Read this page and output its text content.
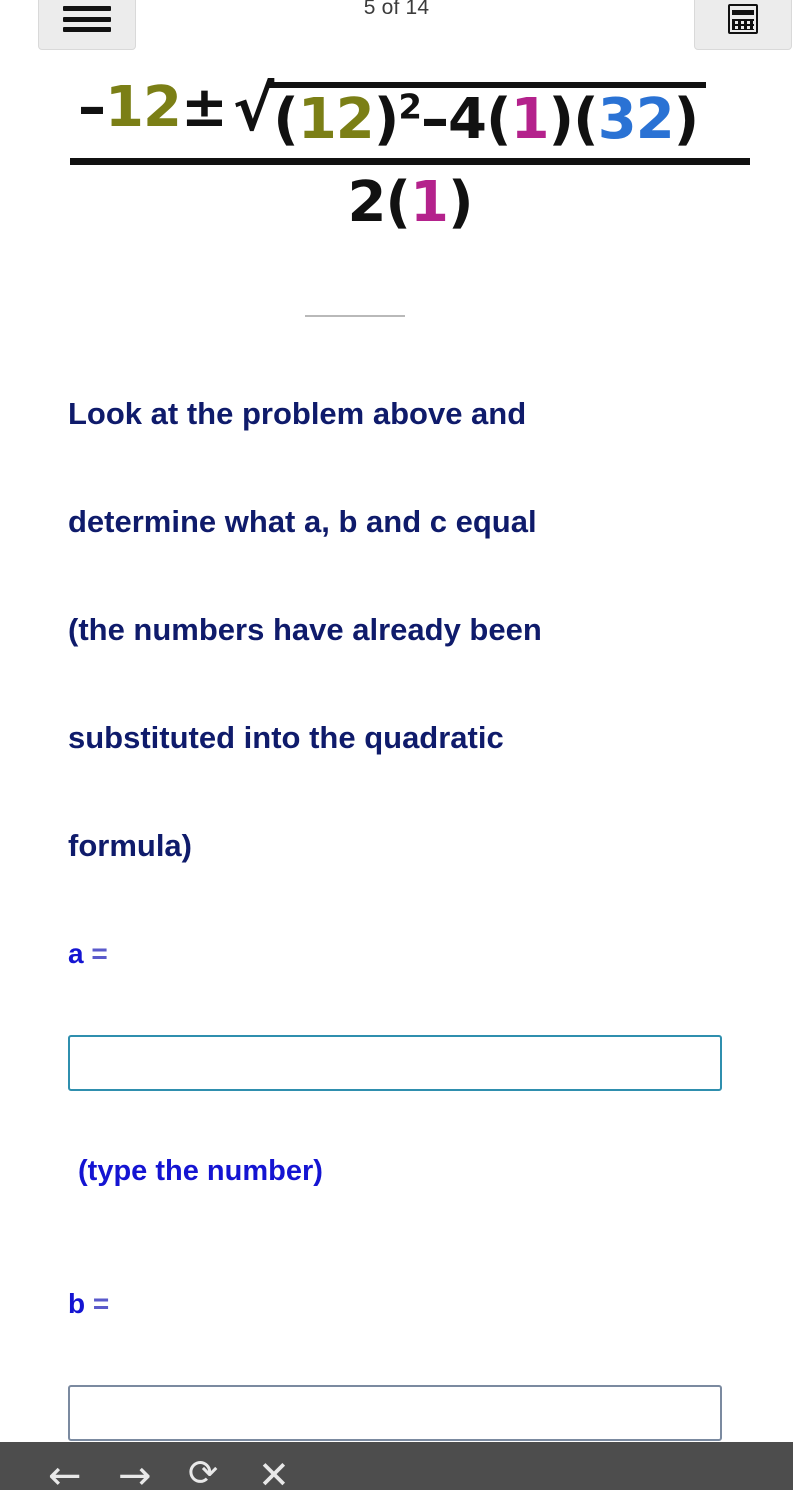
5 of 14
– 12 ± √ $(12)^2-4(1)(32)$
2(1)
Look at the problem above and
determine what a, b and c equal
(the numbers have already been
substituted into the quadratic
formula)
a =
(type the number)
b =
← → ⟳ ✕
